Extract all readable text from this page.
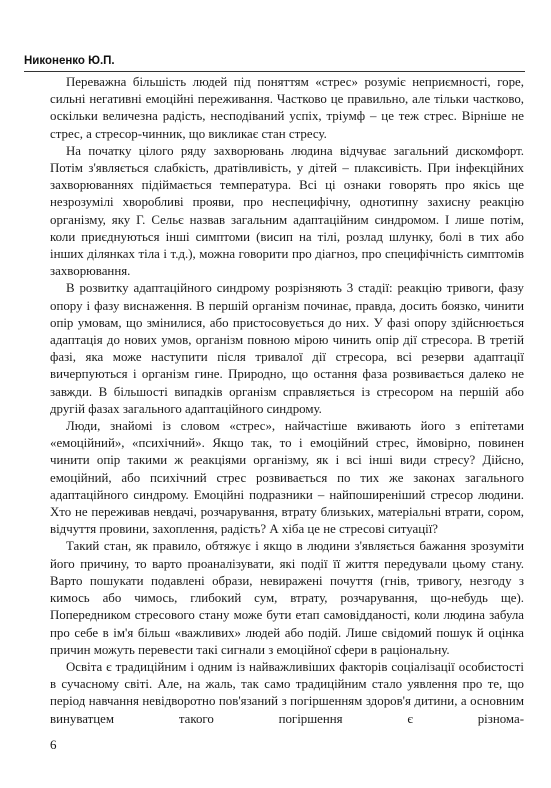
Никоненко Ю.П.

Переважна більшість людей під поняттям «стрес» розуміє неприємності, горе, сильні негативні емоційні переживання. Частково це правильно, але тільки частково, оскільки величезна радість, несподіваний успіх, тріумф – це теж стрес. Вірніше не стрес, а стресор-чинник, що викликає стан стресу.

На початку цілого ряду захворювань людина відчуває загальний дискомфорт. Потім з'являється слабкість, дратівливість, у дітей – плаксивість. При інфекційних захворюваннях підіймається температура. Всі ці ознаки говорять про якісь ще незрозумілі хворобливі прояви, про неспецифічну, однотипну захисну реакцію організму, яку Г. Сельє назвав загальним адаптаційним синдромом. І лише потім, коли приєднуються інші симптоми (висип на тілі, розлад шлунку, болі в тих або інших ділянках тіла і т.д.), можна говорити про діагноз, про специфічність симптомів захворювання.

В розвитку адаптаційного синдрому розрізняють 3 стадії: реакцію тривоги, фазу опору і фазу виснаження. В першій організм починає, правда, досить боязко, чинити опір умовам, що змінилися, або пристосовується до них. У фазі опору здійснюється адаптація до нових умов, організм повною мірою чинить опір дії стресора. В третій фазі, яка може наступити після тривалої дії стресора, всі резерви адаптації вичерпуються і організм гине. Природно, що остання фаза розвивається далеко не завжди. В більшості випадків організм справляється із стресором на першій або другій фазах загального адаптаційного синдрому.

Люди, знайомі із словом «стрес», найчастіше вживають його з епітетами «емоційний», «психічний». Якщо так, то і емоційний стрес, ймовірно, повинен чинити опір такими ж реакціями організму, як і всі інші види стресу? Дійсно, емоційний, або психічний стрес розвивається по тих же законах загального адаптаційного синдрому. Емоційні подразники – найпоширеніший стресор людини. Хто не переживав невдачі, розчарування, втрату близьких, матеріальні втрати, сором, відчуття провини, захоплення, радість? А хіба це не стресові ситуації?

Такий стан, як правило, обтяжує і якщо в людини з'являється бажання зрозуміти його причину, то варто проаналізувати, які події її життя передували цьому стану. Варто пошукати подавлені образи, невиражені почуття (гнів, тривогу, незгоду з кимось або чимось, глибокий сум, втрату, розчарування, що-небудь ще). Попередником стресового стану може бути етап самовідданості, коли людина забула про себе в ім'я більш «важливих» людей або подій. Лише свідомий пошук й оцінка причин можуть перевести такі сигнали з емоційної сфери в раціональну.

Освіта є традиційним і одним із найважливіших факторів соціалізації особистості в сучасному світі. Але, на жаль, так само традиційним стало уявлення про те, що період навчання невідворотно пов'язаний з погіршенням здоров'я дитини, а основним винуватцем такого погіршення є різнома-

6
